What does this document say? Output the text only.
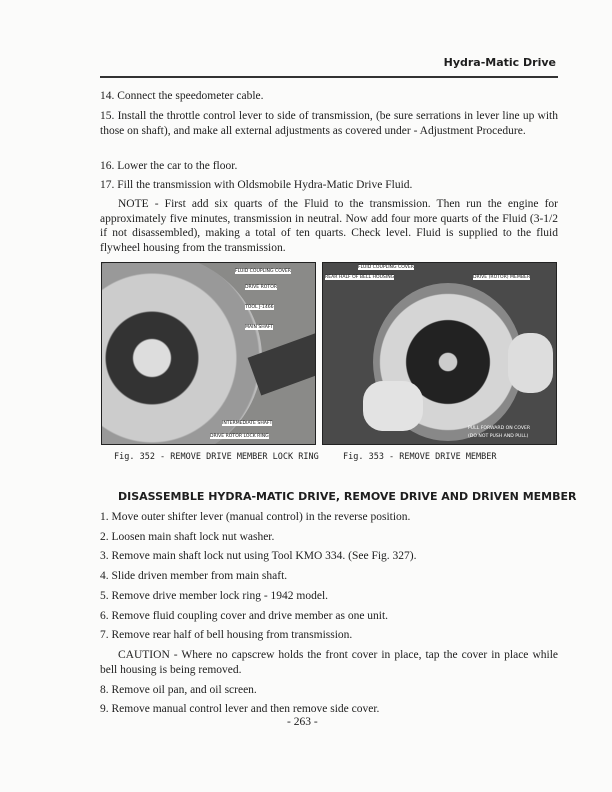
Hydra-Matic Drive
14. Connect the speedometer cable.
15. Install the throttle control lever to side of transmission, (be sure serrations in lever line up with those on shaft), and make all external adjustments as covered under - Adjustment Procedure.
16. Lower the car to the floor.
17. Fill the transmission with Oldsmobile Hydra-Matic Drive Fluid.
NOTE - First add six quarts of the Fluid to the transmission. Then run the engine for approximately five minutes, transmission in neutral. Now add four more quarts of the Fluid (3-1/2 if not disassembled), making a total of ten quarts. Check level. Fluid is supplied to the fluid flywheel housing from the transmission.
FLUID COUPLING COVER
DRIVE ROTOR
TOOL J-1466
MAIN SHAFT
INTERMEDIATE SHAFT
DRIVE ROTOR LOCK RING
Fig. 352 - REMOVE DRIVE MEMBER LOCK RING
FLUID COUPLING COVER
REAR HALF OF BELL HOUSING	DRIVE (ROTOR) MEMBER
PULL FORWARD ON COVER
(DO NOT PUSH AND PULL)
Fig. 353 - REMOVE DRIVE MEMBER
DISASSEMBLE HYDRA-MATIC DRIVE, REMOVE DRIVE AND DRIVEN MEMBER
1. Move outer shifter lever (manual control) in the reverse position.
2. Loosen main shaft lock nut washer.
3. Remove main shaft lock nut using Tool KMO 334. (See Fig. 327).
4. Slide driven member from main shaft.
5. Remove drive member lock ring - 1942 model.
6. Remove fluid coupling cover and drive member as one unit.
7. Remove rear half of bell housing from transmission.
CAUTION - Where no capscrew holds the front cover in place, tap the cover in place while bell housing is being removed.
8. Remove oil pan, and oil screen.
9. Remove manual control lever and then remove side cover.
- 263 -
